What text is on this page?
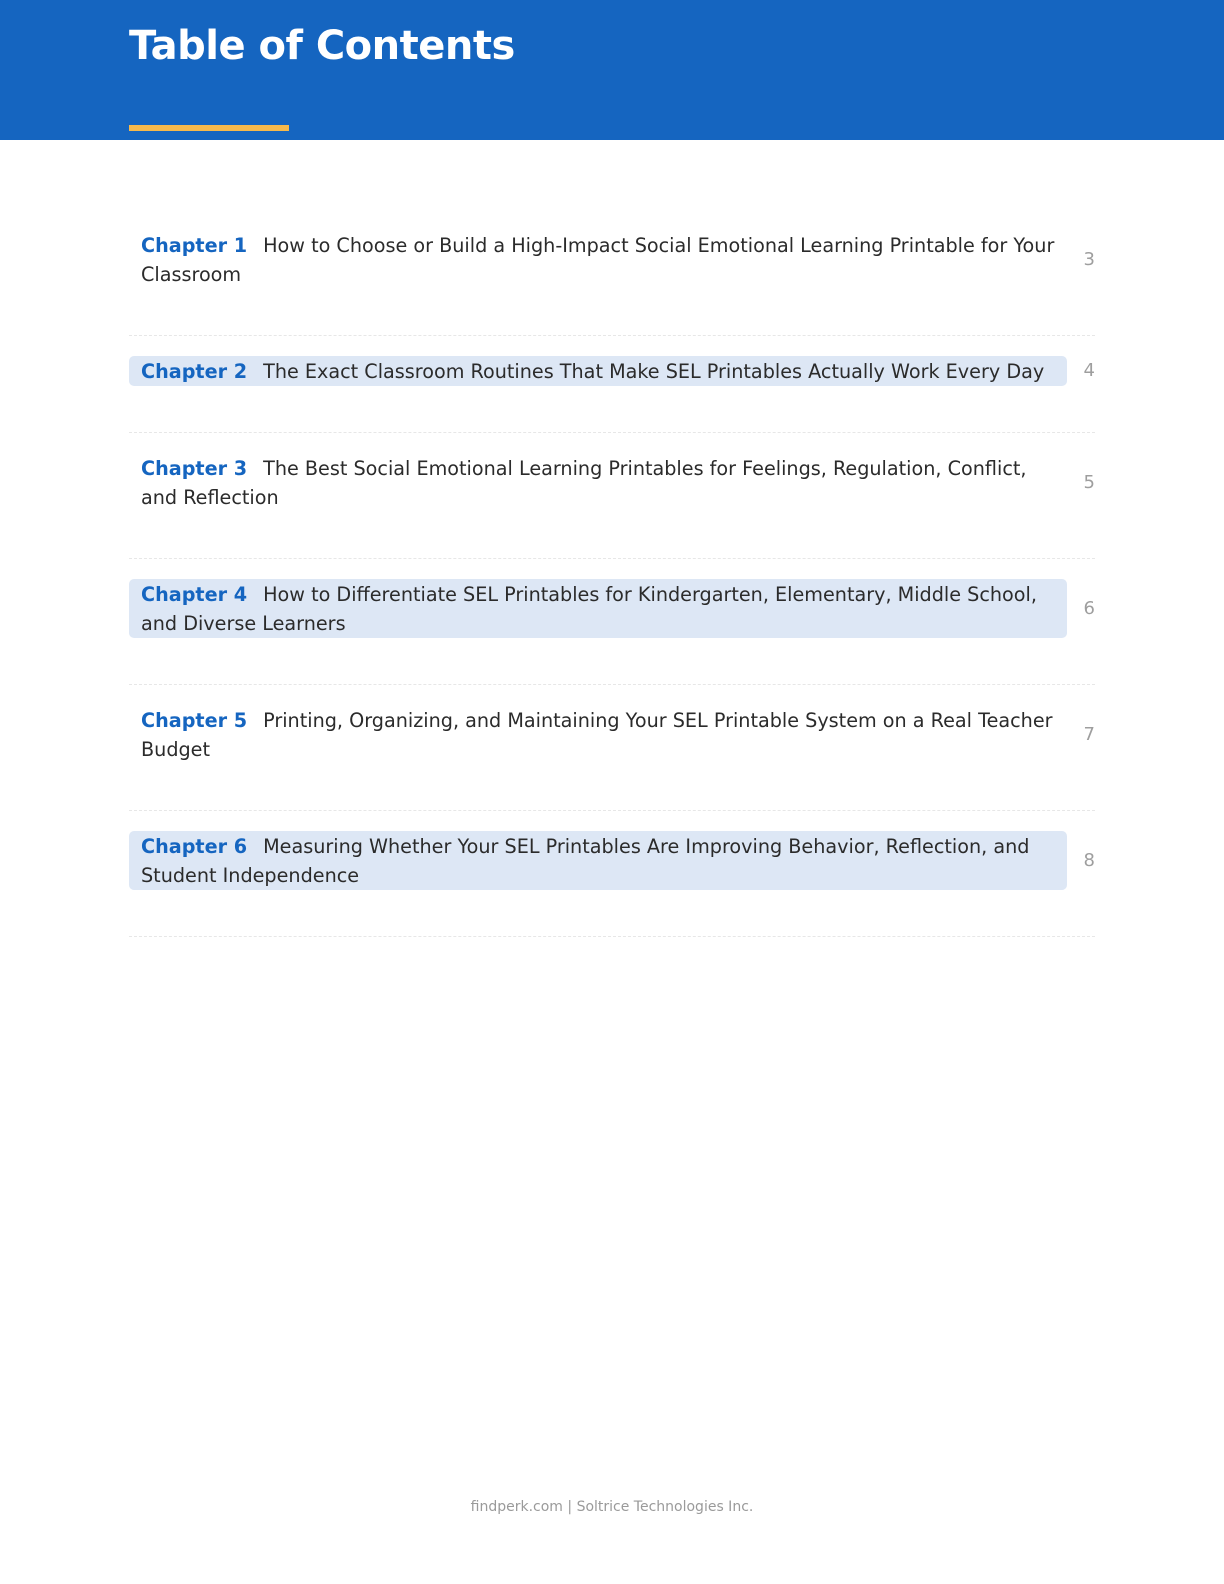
Table of Contents
Chapter 1 How to Choose or Build a High-Impact Social Emotional Learning Printable for Your Classroom
3
Chapter 2 The Exact Classroom Routines That Make SEL Printables Actually Work Every Day	4
Chapter 3 The Best Social Emotional Learning Printables for Feelings, Regulation, Conflict, and Reflection
5
Chapter 4 How to Differentiate SEL Printables for Kindergarten, Elementary, Middle School, and Diverse Learners
6
Chapter 5 Printing, Organizing, and Maintaining Your SEL Printable System on a Real Teacher Budget
7
Chapter 6 Measuring Whether Your SEL Printables Are Improving Behavior, Reflection, and Student Independence
8
findperk.com | Soltrice Technologies Inc.
